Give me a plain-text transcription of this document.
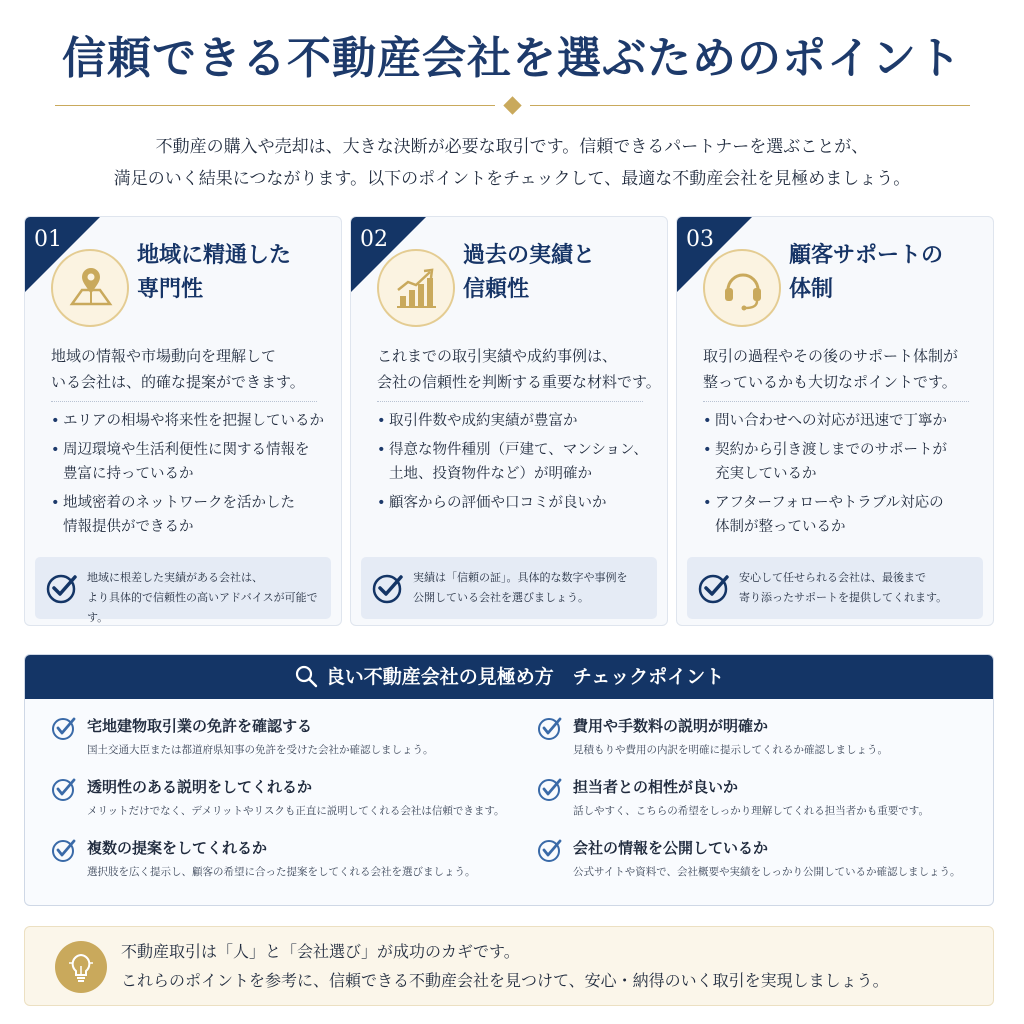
信頼できる不動産会社を選ぶためのポイント
不動産の購入や売却は、大きな決断が必要な取引です。信頼できるパートナーを選ぶことが、
満足のいく結果につながります。以下のポイントをチェックして、最適な不動産会社を見極めましょう。
01
地域に精通した
専門性
地域の情報や市場動向を理解して
いる会社は、的確な提案ができます。
• エリアの相場や将来性を把握しているか
• 周辺環境や生活利便性に関する情報を
豊富に持っているか
• 地域密着のネットワークを活かした
情報提供ができるか
地域に根差した実績がある会社は、
より具体的で信頼性の高いアドバイスが可能です。
02
過去の実績と
信頼性
これまでの取引実績や成約事例は、
会社の信頼性を判断する重要な材料です。
• 取引件数や成約実績が豊富か
• 得意な物件種別（戸建て、マンション、
土地、投資物件など）が明確か
• 顧客からの評価や口コミが良いか
実績は「信頼の証」。具体的な数字や事例を
公開している会社を選びましょう。
03
顧客サポートの
体制
取引の過程やその後のサポート体制が
整っているかも大切なポイントです。
• 問い合わせへの対応が迅速で丁寧か
• 契約から引き渡しまでのサポートが
充実しているか
• アフターフォローやトラブル対応の
体制が整っているか
安心して任せられる会社は、最後まで
寄り添ったサポートを提供してくれます。
良い不動産会社の見極め方　チェックポイント
宅地建物取引業の免許を確認する
国土交通大臣または都道府県知事の免許を受けた会社か確認しましょう。
透明性のある説明をしてくれるか
メリットだけでなく、デメリットやリスクも正直に説明してくれる会社は信頼できます。
複数の提案をしてくれるか
選択肢を広く提示し、顧客の希望に合った提案をしてくれる会社を選びましょう。
費用や手数料の説明が明確か
見積もりや費用の内訳を明確に提示してくれるか確認しましょう。
担当者との相性が良いか
話しやすく、こちらの希望をしっかり理解してくれる担当者かも重要です。
会社の情報を公開しているか
公式サイトや資料で、会社概要や実績をしっかり公開しているか確認しましょう。
不動産取引は「人」と「会社選び」が成功のカギです。
これらのポイントを参考に、信頼できる不動産会社を見つけて、安心・納得のいく取引を実現しましょう。
